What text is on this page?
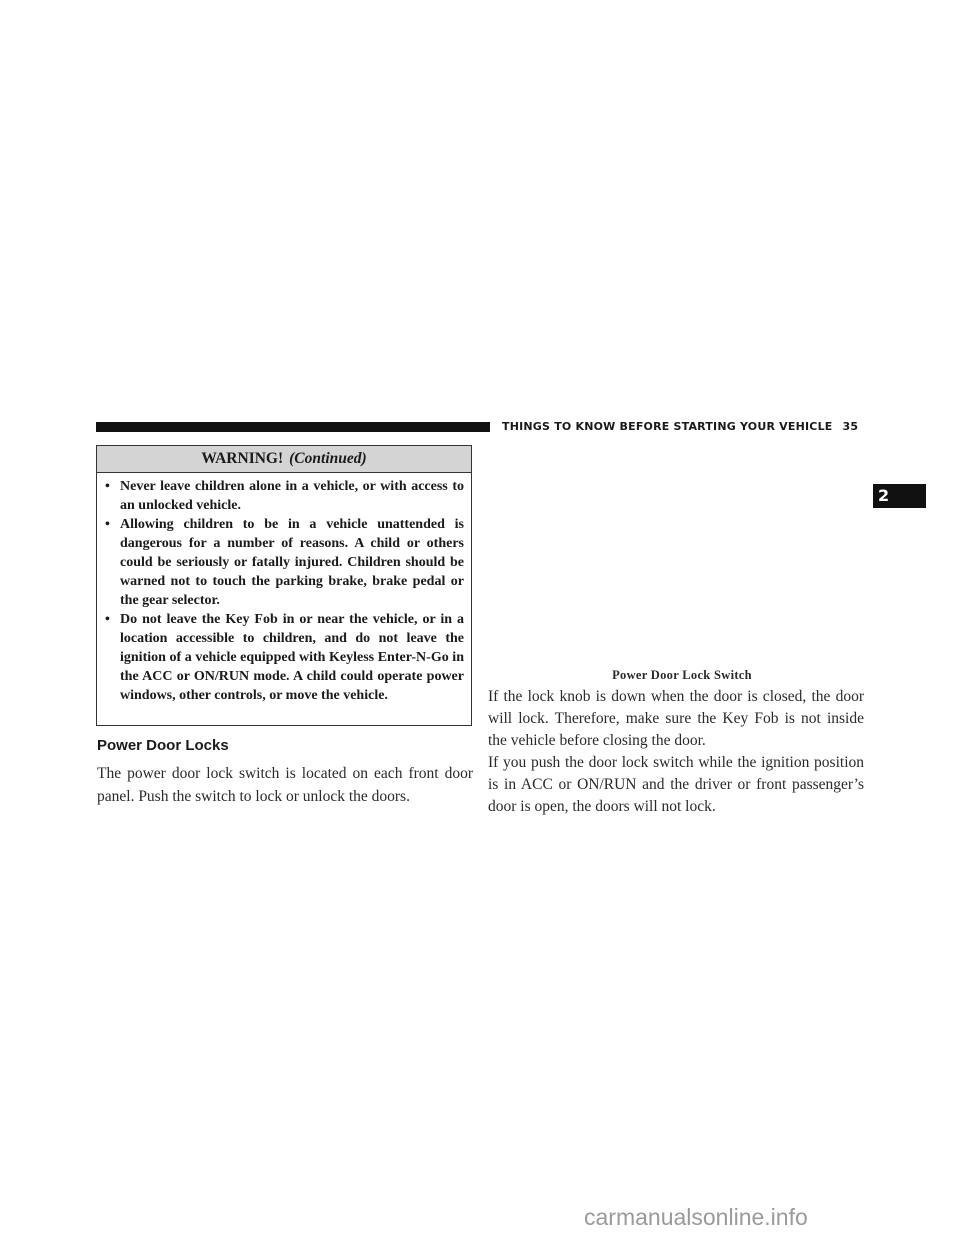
THINGS TO KNOW BEFORE STARTING YOUR VEHICLE 35
2
WARNING! (Continued)
• Never leave children alone in a vehicle, or with access to an unlocked vehicle.
• Allowing children to be in a vehicle unattended is dangerous for a number of reasons. A child or others could be seriously or fatally injured. Children should be warned not to touch the parking brake, brake pedal or the gear selector.
• Do not leave the Key Fob in or near the vehicle, or in a location accessible to children, and do not leave the ignition of a vehicle equipped with Keyless Enter-N-Go in the ACC or ON/RUN mode. A child could operate power windows, other controls, or move the vehicle.
Power Door Locks

The power door lock switch is located on each front door panel. Push the switch to lock or unlock the doors.

Power Door Lock Switch

If the lock knob is down when the door is closed, the door will lock. Therefore, make sure the Key Fob is not inside the vehicle before closing the door.

If you push the door lock switch while the ignition position is in ACC or ON/RUN and the driver or front passenger’s door is open, the doors will not lock.

carmanualsonline.info
